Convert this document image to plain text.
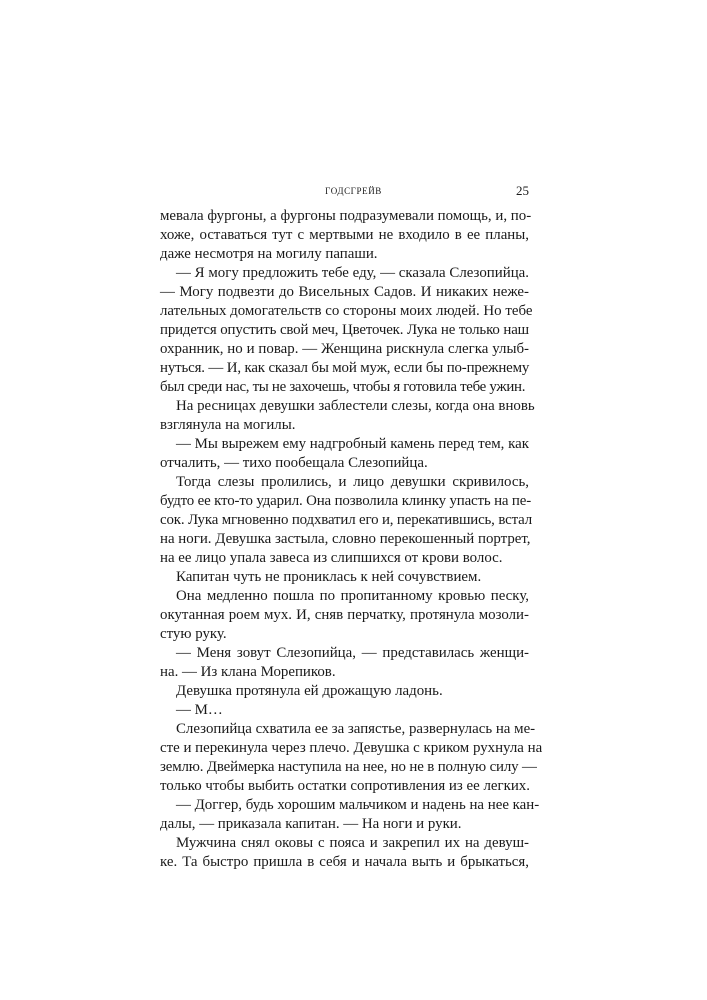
ГОДСГРЕЙВ	25
мевала фургоны, а фургоны подразумевали помощь, и, по-
хоже, оставаться тут с мертвыми не входило в ее планы,
даже несмотря на могилу папаши.
— Я могу предложить тебе еду, — сказала Слезопийца.
— Могу подвезти до Висельных Садов. И никаких неже-
лательных домогательств со стороны моих людей. Но тебе
придется опустить свой меч, Цветочек. Лука не только наш
охранник, но и повар. — Женщина рискнула слегка улыб-
нуться. — И, как сказал бы мой муж, если бы по-прежнему
был среди нас, ты не захочешь, чтобы я готовила тебе ужин.
На ресницах девушки заблестели слезы, когда она вновь
взглянула на могилы.
— Мы вырежем ему надгробный камень перед тем, как
отчалить, — тихо пообещала Слезопийца.
Тогда слезы пролились, и лицо девушки скривилось,
будто ее кто-то ударил. Она позволила клинку упасть на пе-
сок. Лука мгновенно подхватил его и, перекатившись, встал
на ноги. Девушка застыла, словно перекошенный портрет,
на ее лицо упала завеса из слипшихся от крови волос.
Капитан чуть не прониклась к ней сочувствием.
Она медленно пошла по пропитанному кровью песку,
окутанная роем мух. И, сняв перчатку, протянула мозоли-
стую руку.
— Меня зовут Слезопийца, — представилась женщи-
на. — Из клана Морепиков.
Девушка протянула ей дрожащую ладонь.
— М…
Слезопийца схватила ее за запястье, развернулась на ме-
сте и перекинула через плечо. Девушка с криком рухнула на
землю. Двеймерка наступила на нее, но не в полную силу —
только чтобы выбить остатки сопротивления из ее легких.
— Доггер, будь хорошим мальчиком и надень на нее кан-
далы, — приказала капитан. — На ноги и руки.
Мужчина снял оковы с пояса и закрепил их на девуш-
ке. Та быстро пришла в себя и начала выть и брыкаться,
